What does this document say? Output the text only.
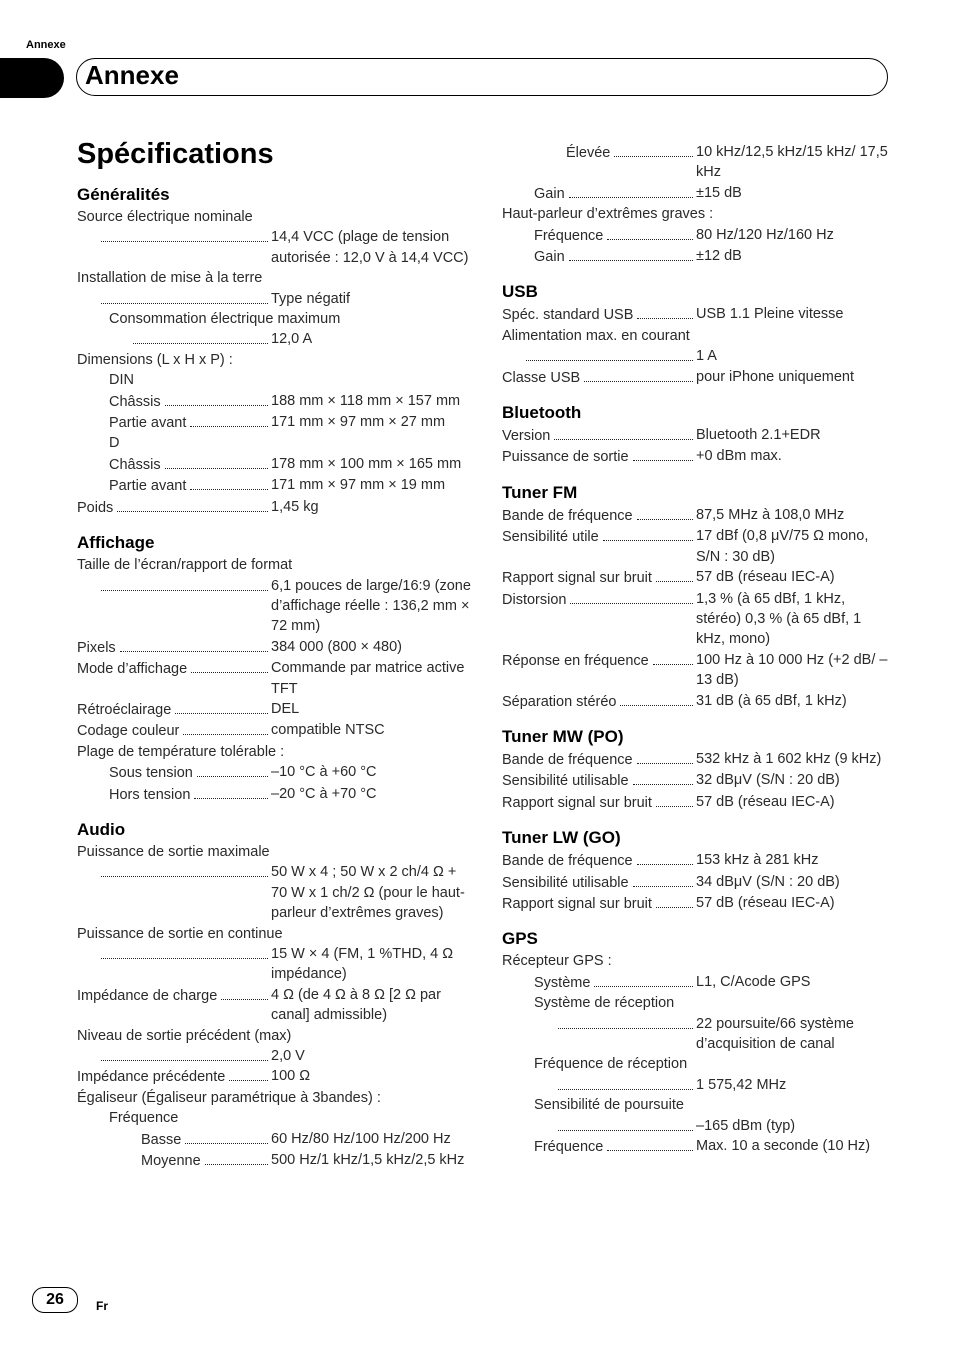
Annexe
Annexe
Spécifications
Généralités
Source électrique nominale
14,4 VCC (plage de tension autorisée : 12,0 V à 14,4 VCC)
Installation de mise à la terre
Type négatif
Consommation électrique maximum
12,0 A
Dimensions (L x H x P) :
DIN
Châssis	188 mm × 118 mm × 157 mm
Partie avant	171 mm × 97 mm × 27 mm
D
Châssis	178 mm × 100 mm × 165 mm
Partie avant	171 mm × 97 mm × 19 mm
Poids	1,45 kg
Affichage
Taille de l’écran/rapport de format
6,1 pouces de large/16:9 (zone d’affichage réelle : 136,2 mm × 72 mm)
Pixels	384 000 (800 × 480)
Mode d’affichage	Commande par matrice active TFT
Rétroéclairage	DEL
Codage couleur	compatible NTSC
Plage de température tolérable :
Sous tension	–10 °C à +60 °C
Hors tension	–20 °C à +70 °C
Audio
Puissance de sortie maximale
50 W x 4 ; 50 W x 2 ch/4 Ω + 70 W x 1 ch/2 Ω (pour le haut-parleur d’extrêmes graves)
Puissance de sortie en continue
15 W × 4 (FM, 1 %THD, 4 Ω impédance)
Impédance de charge	4 Ω (de 4 Ω à 8 Ω [2 Ω par canal] admissible)
Niveau de sortie précédent (max)
2,0 V
Impédance précédente	100 Ω
Égaliseur (Égaliseur paramétrique à 3bandes) :
Fréquence
Basse	60 Hz/80 Hz/100 Hz/200 Hz
Moyenne	500 Hz/1 kHz/1,5 kHz/2,5 kHz
Élevée	10 kHz/12,5 kHz/15 kHz/ 17,5 kHz
Gain	±15 dB
Haut-parleur d’extrêmes graves :
Fréquence	80 Hz/120 Hz/160 Hz
Gain	±12 dB
USB
Spéc. standard USB	USB 1.1 Pleine vitesse
Alimentation max. en courant
1 A
Classe USB	pour iPhone uniquement
Bluetooth
Version	Bluetooth 2.1+EDR
Puissance de sortie	+0 dBm max.
Tuner FM
Bande de fréquence	87,5 MHz à 108,0 MHz
Sensibilité utile	17 dBf (0,8 μV/75 Ω mono, S/N : 30 dB)
Rapport signal sur bruit	57 dB (réseau IEC-A)
Distorsion	1,3 % (à 65 dBf, 1 kHz, stéréo) 0,3 % (à 65 dBf, 1 kHz, mono)
Réponse en fréquence	100 Hz à 10 000 Hz (+2 dB/ –13 dB)
Séparation stéréo	31 dB (à 65 dBf, 1 kHz)
Tuner MW (PO)
Bande de fréquence	532 kHz à 1 602 kHz (9 kHz)
Sensibilité utilisable	32 dBμV (S/N : 20 dB)
Rapport signal sur bruit	57 dB (réseau IEC-A)
Tuner LW (GO)
Bande de fréquence	153 kHz à 281 kHz
Sensibilité utilisable	34 dBμV (S/N : 20 dB)
Rapport signal sur bruit	57 dB (réseau IEC-A)
GPS
Récepteur GPS :
Système	L1, C/Acode GPS
Système de réception
22 poursuite/66 système d’acquisition de canal
Fréquence de réception
1 575,42 MHz
Sensibilité de poursuite
–165 dBm (typ)
Fréquence	Max. 10 a seconde (10 Hz)
26	Fr
